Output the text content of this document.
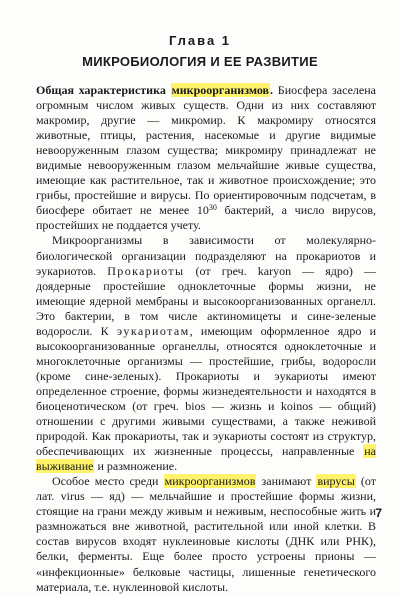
Глава 1
МИКРОБИОЛОГИЯ И ЕЕ РАЗВИТИЕ

Общая характеристика микроорганизмов. Биосфера заселена огромным числом живых существ. Одни из них составляют макромир, другие — микромир. К макромиру относятся животные, птицы, растения, насекомые и другие видимые невооруженным глазом существа; микромиру принадлежат не видимые невооруженным глазом мельчайшие живые существа, имеющие как растительное, так и животное происхождение; это грибы, простейшие и вирусы. По ориентировочным подсчетам, в биосфере обитает не менее $10^{30}$ бактерий, а число вирусов, простейших не поддается учету.

Микроорганизмы в зависимости от молекулярно-биологической организации подразделяют на прокариотов и эукариотов. Прокариоты (от греч. karyon — ядро) — доядерные простейшие одноклеточные формы жизни, не имеющие ядерной мембраны и высокоорганизованных органелл. Это бактерии, в том числе актиномицеты и сине-зеленые водоросли. К эукариотам, имеющим оформленное ядро и высокоорганизованные органеллы, относятся одноклеточные и многоклеточные организмы — простейшие, грибы, водоросли (кроме сине-зеленых). Прокариоты и эукариоты имеют определенное строение, формы жизнедеятельности и находятся в биоценотическом (от греч. bios — жизнь и koinos — общий) отношении с другими живыми существами, а также неживой природой. Как прокариоты, так и эукариоты состоят из структур, обеспечивающих их жизненные процессы, направленные на выживание и размножение.

Особое место среди микроорганизмов занимают вирусы (от лат. virus — яд) — мельчайшие и простейшие формы жизни, стоящие на грани между живым и неживым, неспособные жить и размножаться вне животной, растительной или иной клетки. В состав вирусов входят нуклеиновые кислоты (ДНК или РНК), белки, ферменты. Еще более просто устроены прионы — «инфекционные» белковые частицы, лишенные генетического материала, т.е. нуклеиновой кислоты.

7
